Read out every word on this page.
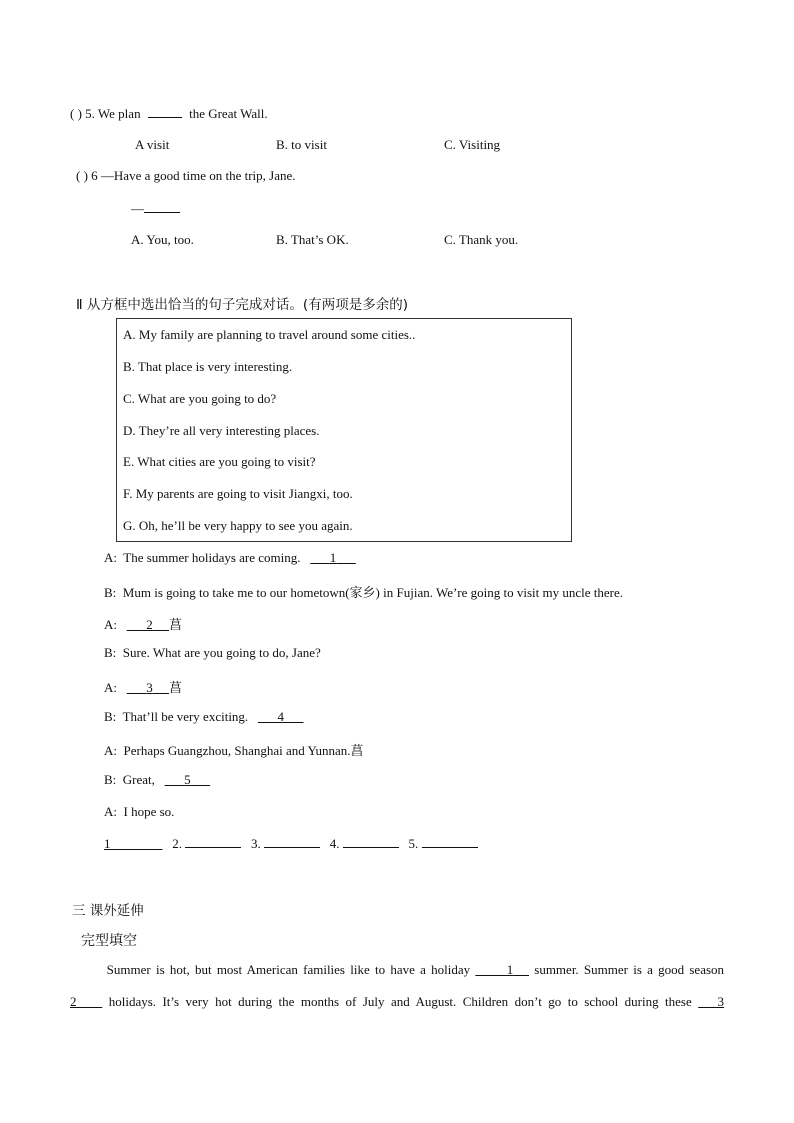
( ) 5. We plan	the Great Wall.
A visit	B. to visit	C. Visiting
( ) 6 —Have a good time on the trip, Jane.
—
A. You, too.	B. That’s OK.	C. Thank you.
Ⅱ 从方框中选出恰当的句子完成对话。(有两项是多余的)
A. My family are planning to travel around some cities..
B. That place is very interesting.
C. What are you going to do?
D. They’re all very interesting places.
E. What cities are you going to visit?
F. My parents are going to visit Jiangxi, too.
G. Oh, he’ll be very happy to see you again.
A: The summer holidays are coming. 1
B: Mum is going to take me to our hometown(家乡) in Fujian. We’re going to visit my uncle there.
A: 2 菖
B: Sure. What are you going to do, Jane?
A: 3 菖
B: That’ll be very exciting. 4
A: Perhaps Guangzhou, Shanghai and Yunnan.菖
B: Great, 5
A: I hope so.
1	2.	3.	4.	5.
三 课外延伸
完型填空
Summer is hot, but most American families like to have a holiday	1 summer. Summer is a good season
2 holidays. It’s very hot during the months of July and August. Children don’t go to school during these 3
